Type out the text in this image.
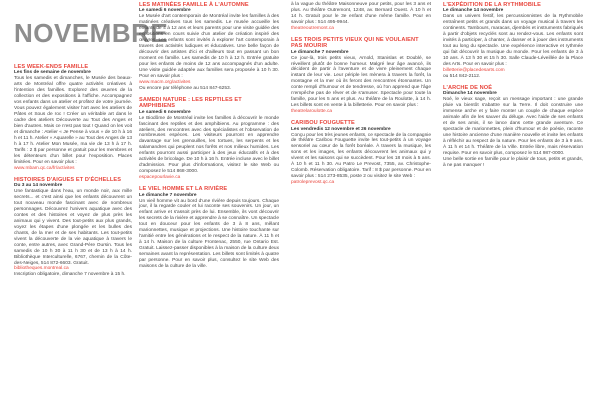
NOVEMBRE
LES WEEK-ENDS FAMILLE
Les fins de semaine de novembre
Tous les samedis et dimanches, le Musée des beaux-arts de Montréal offre quatre activités créatives à l'intention des familles. Explorez des œuvres de la collection et des expositions à l'affiche. Accompagnez vos enfants dans un atelier et profitez de votre journée. Vous pouvez également visiter l'art avec les ateliers de Pâtes et Sous de roc ! Créer un véritable art dans le cadre des ateliers Découverte au Tout des Anges et bien d'autres. Mais ce n'est pas tout ! Quand on les voit et dimanche : Atelier « Je Pense à vous » de 10 h à 16 h et 11 h. Atelier « Aquarelle » au Tout des Anges de 13 h à 17 h. Atelier Mon Musée, ma vie de 13 h à 17 h. Tarifs : 2 $ par personne et gratuit pour les membres et les détenteurs d'un billet pour l'exposition. Places limitées. Pour en savoir plus :
www.mbam.qc.ca/fr/activites
HISTOIRES D'AIGUES ET D'ÉCHELLES
Du 3 au 14 novembre
Une fantastique dans l'eau, un monde noir, aux mille secrets... et c'est ainsi que les enfants découvrent un tout nouveau monde fascinant avec de nombreux personnages. Découvrez l'univers aquatique avec des contes et des histoires et voyez de plus près les animaux qui y vivent. Des tout-petits aux plus grands, voyez les étapes d'une plongée et les bulles des chants, de la mer et de ses habitants. Les tout-petits vivent la découverte de la vie aquatique à travers le conte, entre autres, avec Grand-Père Oursin. Tous les samedis de 10 h 30 à 11 h 30 et de 13 h à 14 h. Bibliothèque Interculturelle, 6767, chemin de la Côte-des-Neiges, 514 872-6603. Gratuit.
bibliotheques.montreal.ca
Inscription obligatoire, dimanche 7 novembre à 15 h.
LES MATINÉES FAMILLE À L'AUTOMNE
Le samedi 6 novembre
Le Musée d'art contemporain de Montréal invite les familles à des matinées créatives tous les samedis. Le musée accueille les enfants de 4 à 12 ans et leurs parents pour une visite guidée des expositions en cours suivie d'un atelier de création inspiré des œuvres. Les enfants sont invités à explorer l'art contemporain à travers des activités ludiques et éducatives. Une belle façon de découvrir des artistes d'ici et d'ailleurs tout en passant un bon moment en famille. Les samedis de 10 h à 12 h. Entrée gratuite pour les enfants de moins de 12 ans accompagnés d'un adulte. Une visite guidée adaptée aux familles sera proposée à 10 h 30. Pour en savoir plus :
www.macm.org/activites
Ou encore par téléphone au 514 847-6253.
SAMEDI NATURE : LES REPTILES ET AMPHIBIENS
Le samedi 6 novembre
Le Biodôme de Montréal invite les familles à découvrir le monde fascinant des reptiles et des amphibiens. Au programme : des ateliers, des rencontres avec des spécialistes et l'observation de nombreuses espèces. Les visiteurs pourront en apprendre davantage sur les grenouilles, les tortues, les serpents et les salamandres qui peuplent nos forêts et nos milieux humides. Les enfants pourront aussi participer à des jeux éducatifs et à des activités de bricolage. De 10 h à 16 h. Entrée incluse avec le billet d'admission. Pour plus d'informations, visitez le site Web ou composez le 514 868-3000.
espacepourlavie.ca
LE VIEL HOMME ET LA RIVIÈRE
Le dimanche 7 novembre
Un vieil homme vit au bord d'une rivière depuis toujours. Chaque jour, il la regarde couler et lui raconte ses souvenirs. Un jour, un enfant arrive et s'assoit près de lui. Ensemble, ils vont découvrir les secrets de la rivière et apprendre à se connaître. Un spectacle tout en douceur pour les enfants de 3 à 8 ans, mêlant marionnettes, musique et projections. Une histoire touchante sur l'amitié entre les générations et le respect de la nature. À 11 h et à 14 h. Maison de la culture Frontenac, 2550, rue Ontario Est. Gratuit. Laissez-passer disponibles à la maison de la culture deux semaines avant la représentation. Les billets sont limités à quatre par personne. Pour en savoir plus, consultez le site Web des maisons de la culture de la ville.
à la vague du théâtre Maisonneuve pour petits, pour les 3 ans et plus. Au théâtre Outremont, 1248, av. Bernard Ouest. À 10 h et 14 h. Gratuit pour le 3e enfant d'une même famille. Pour en savoir plus : 514 495-9944.
theatreoutremont.ca
LES TROIS PETITS VIEUX QUI NE VOULAIENT PAS MOURIR
Le dimanche 7 novembre
Ce jour-là, trois petits vieux, Arnold, Stanislas et Doublé, se réveillent plutôt de bonne humeur. Malgré leur âge avancé, ils décident de partir à l'aventure et de vivre pleinement chaque instant de leur vie. Leur périple les mènera à travers la forêt, la montagne et la mer où ils feront des rencontres étonnantes. Un conte rempli d'humour et de tendresse, où l'on apprend que l'âge n'empêche pas de rêver et de s'amuser. Spectacle pour toute la famille, pour les 5 ans et plus. Au théâtre de la Roulotte, à 14 h. Les billets sont en vente à la billetterie. Pour en savoir plus :
theatrelaroulotte.ca
CARIBOU FOUGUETTE
Les vendredis 12 novembre et 26 novembre
Conçu pour les très jeunes enfants, ce spectacle de la compagnie de théâtre Caribou Fouguette invite les tout-petits à un voyage sensoriel au cœur de la forêt boréale. À travers la musique, les sons et les images, les enfants découvrent les animaux qui y vivent et les saisons qui se succèdent. Pour les 18 mois à 5 ans. À 10 h et 11 h 30. Au Patro Le Prevost, 7355, av. Christophe-Colomb. Réservation obligatoire. Tarif : 8 $ par personne. Pour en savoir plus : 514 273-8535, poste 2 ou visitez le site Web :
patroleprevost.qc.ca
L'EXPÉDITION DE LA RYTHMOBILE
Le dimanche 14 novembre
Dans un univers festif, les percussionnistes de la Rythmobile entraînent petits et grands dans un voyage musical à travers les continents. Tambours, maracas, djembés et instruments fabriqués à partir d'objets recyclés sont au rendez-vous. Les enfants sont invités à participer, à chanter, à danser et à jouer des instruments tout au long du spectacle. Une expérience interactive et rythmée qui fait découvrir la musique du monde. Pour les enfants de 3 à 10 ans. À 13 h 30 et 15 h 30. Salle Claude-Léveillée de la Place des Arts. Pour en savoir plus :
billetterie@placedesarts.com
ou 514 842-2112.
L'ARCHE DE NOÉ
Dimanche 14 novembre
Noé, le vieux sage, reçoit un message important : une grande pluie va bientôt s'abattre sur la Terre. Il doit construire une immense arche et y faire monter un couple de chaque espèce animale afin de les sauver du déluge. Avec l'aide de ses enfants et de ses amis, il se lance dans cette grande aventure. Ce spectacle de marionnettes, plein d'humour et de poésie, raconte une histoire ancienne d'une manière nouvelle et invite les enfants à réfléchir au respect de la nature. Pour les enfants de 3 à 9 ans. À 11 h et 14 h. Théâtre de la Ville. Entrée libre, mais réservation requise. Pour en savoir plus, composez le 514 987-0000.
Une belle sortie en famille pour le plaisir de tous, petits et grands, à ne pas manquer !
